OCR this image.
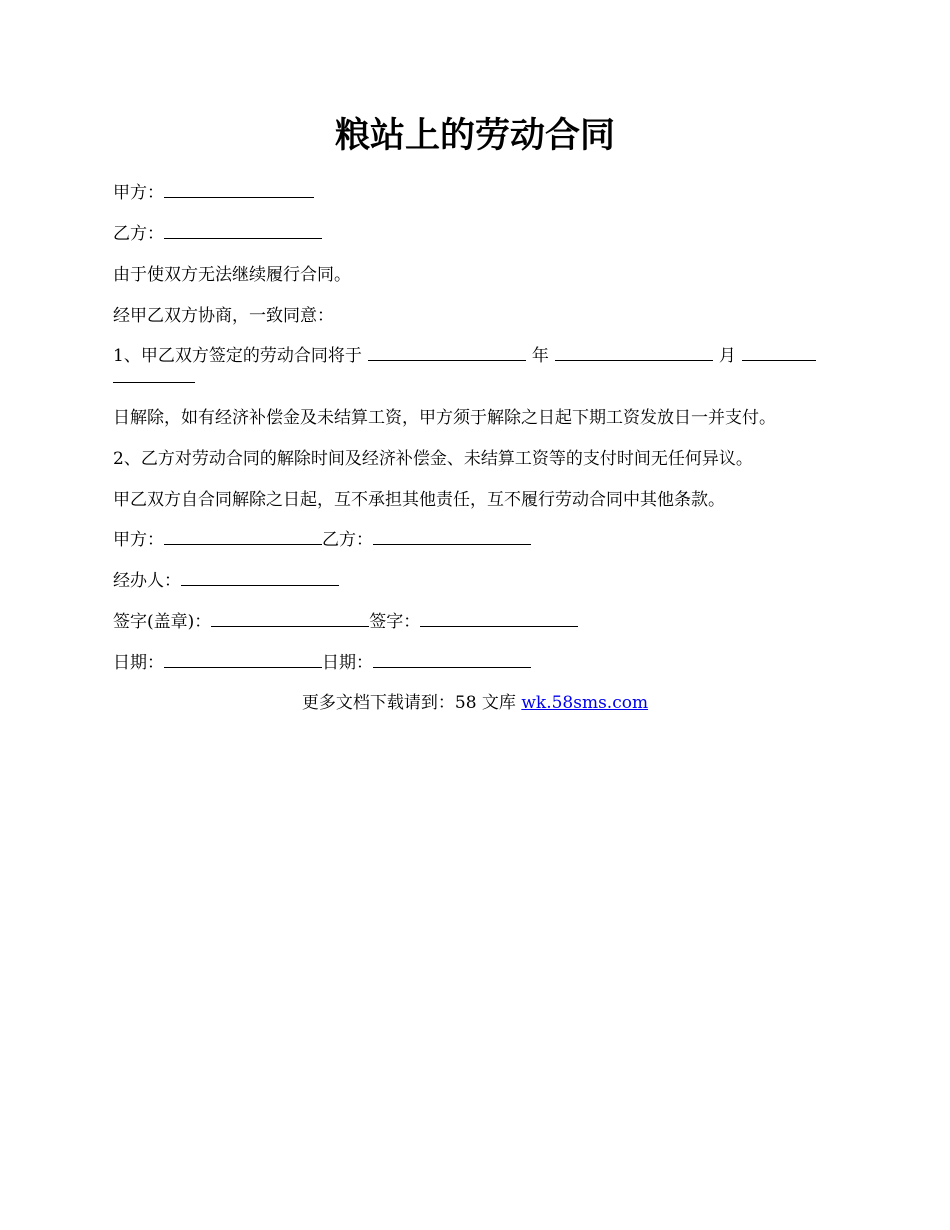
粮站上的劳动合同

甲方：

乙方：

由于使双方无法继续履行合同。

经甲乙双方协商，一致同意：

1、甲乙双方签定的劳动合同将于	年	月

日解除，如有经济补偿金及未结算工资，甲方须于解除之日起下期工资发放日一并支付。

2、乙方对劳动合同的解除时间及经济补偿金、未结算工资等的支付时间无任何异议。

甲乙双方自合同解除之日起，互不承担其他责任，互不履行劳动合同中其他条款。

甲方：	乙方：

经办人：

签字(盖章)：	签字：

日期：	日期：

更多文档下载请到：58 文库 wk.58sms.com
